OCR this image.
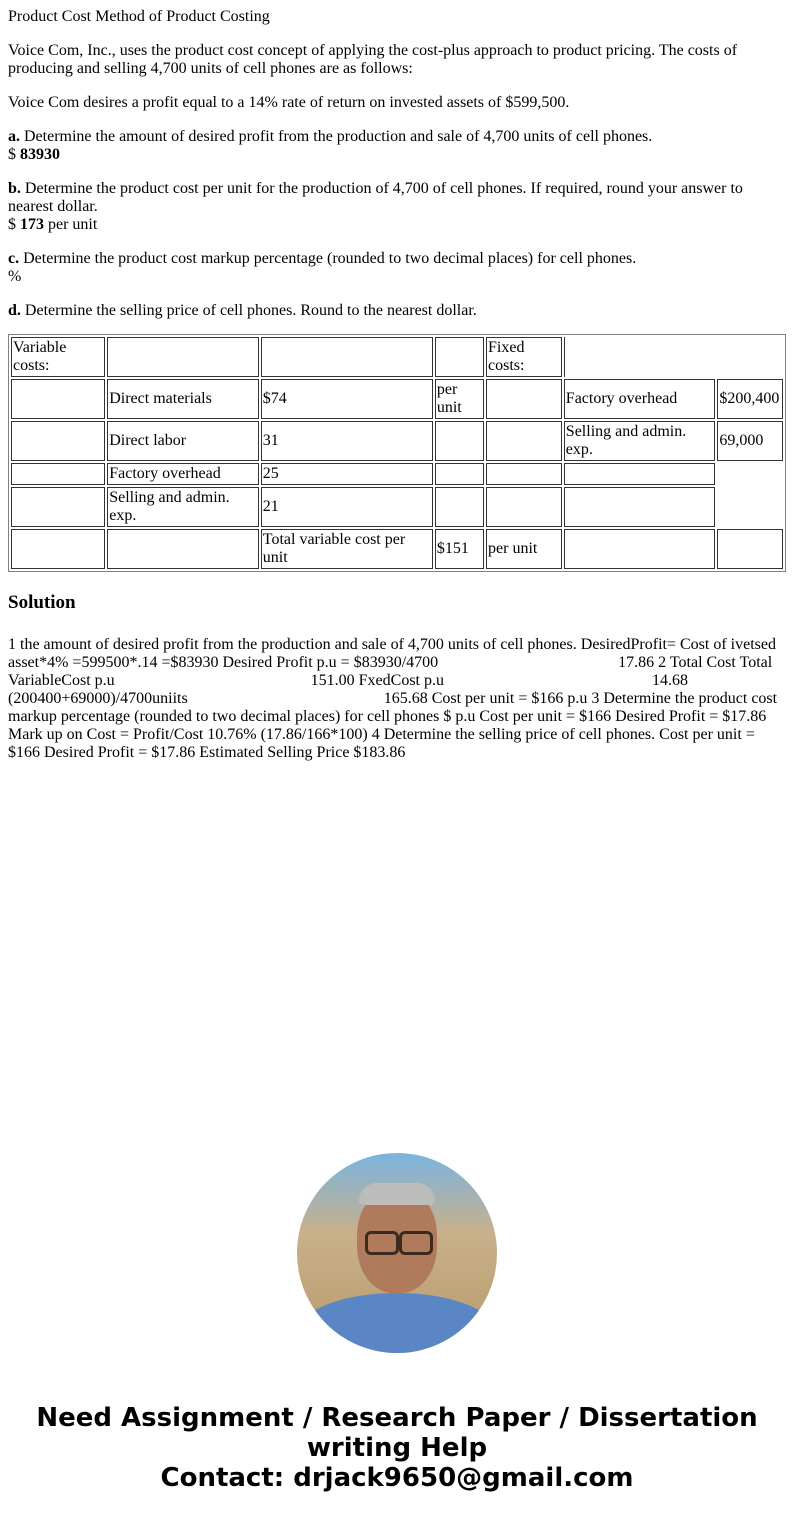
Product Cost Method of Product Costing

Voice Com, Inc., uses the product cost concept of applying the cost-plus approach to product pricing. The costs of producing and selling 4,700 units of cell phones are as follows:

Voice Com desires a profit equal to a 14% rate of return on invested assets of $599,500.

a. Determine the amount of desired profit from the production and sale of 4,700 units of cell phones.
$ 83930

b. Determine the product cost per unit for the production of 4,700 of cell phones. If required, round your answer to nearest dollar.
$ 173 per unit

c. Determine the product cost markup percentage (rounded to two decimal places) for cell phones.
%

d. Determine the selling price of cell phones. Round to the nearest dollar.

Variable costs:				Fixed costs:		
	Direct materials	$74	per unit		Factory overhead	$200,400
	Direct labor	31			Selling and admin. exp.	69,000
	Factory overhead	25				
	Selling and admin. exp.	21				
		Total variable cost per unit	$151	per unit		
Solution
1 the amount of desired profit from the production and sale of 4,700 units of cell phones. DesiredProfit= Cost of ivetsed asset*4% =599500*.14 =$83930 Desired Profit p.u = $83930/4700                                             17.86 2 Total Cost Total VariableCost p.u                                                 151.00 FxedCost p.u                                                    14.68 (200400+69000)/4700uniits                                                 165.68 Cost per unit = $166 p.u 3 Determine the product cost markup percentage (rounded to two decimal places) for cell phones $ p.u Cost per unit = $166 Desired Profit = $17.86 Mark up on Cost = Profit/Cost 10.76% (17.86/166*100) 4 Determine the selling price of cell phones. Cost per unit = $166 Desired Profit = $17.86 Estimated Selling Price $183.86
Need Assignment / Research Paper / Dissertation
writing Help
Contact: drjack9650@gmail.com
